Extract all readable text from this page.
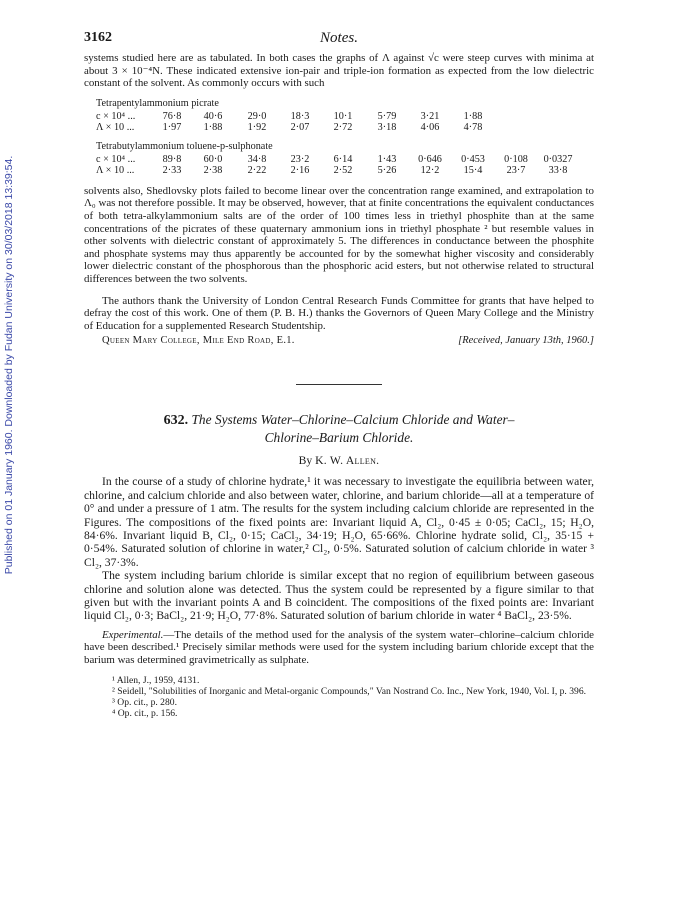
Published on 01 January 1960. Downloaded by Fudan University on 30/03/2018 13:39:54.
3162	Notes.

systems studied here are as tabulated. In both cases the graphs of Λ against √c were steep curves with minima at about 3 × 10⁻⁴N. These indicated extensive ion-pair and triple-ion formation as expected from the low dielectric constant of the solvent. As commonly occurs with such

Tetrapentylammonium picrate
c × 10⁴ ...	76·8	40·6	29·0	18·3	10·1	5·79	3·21	1·88
Λ × 10 ...	1·97	1·88	1·92	2·07	2·72	3·18	4·06	4·78
Tetrabutylammonium toluene-p-sulphonate
c × 10⁴ ...	89·8	60·0	34·8	23·2	6·14	1·43	0·646	0·453	0·108	0·0327
Λ × 10 ...	2·33	2·38	2·22	2·16	2·52	5·26	12·2	15·4	23·7	33·8

solvents also, Shedlovsky plots failed to become linear over the concentration range examined, and extrapolation to Λ₀ was not therefore possible. It may be observed, however, that at finite concentrations the equivalent conductances of both tetra-alkylammonium salts are of the order of 100 times less in triethyl phosphite than at the same concentrations of the picrates of these quaternary ammonium ions in triethyl phosphate ² but resemble values in other solvents with dielectric constant of approximately 5. The differences in conductance between the phosphite and phosphate systems may thus apparently be accounted for by the somewhat higher viscosity and considerably lower dielectric constant of the phosphorous than the phosphoric acid esters, but not otherwise related to structural differences between the two solvents.

The authors thank the University of London Central Research Funds Committee for grants that have helped to defray the cost of this work. One of them (P. B. H.) thanks the Governors of Queen Mary College and the Ministry of Education for a supplemented Research Studentship.

Queen Mary College, Mile End Road, E.1.	[Received, January 13th, 1960.]
632. The Systems Water–Chlorine–Calcium Chloride and Water–
Chlorine–Barium Chloride.
By K. W. Allen.

In the course of a study of chlorine hydrate,¹ it was necessary to investigate the equilibria between water, chlorine, and calcium chloride and also between water, chlorine, and barium chloride—all at a temperature of 0° and under a pressure of 1 atm. The results for the system including calcium chloride are represented in the Figures. The compositions of the fixed points are: Invariant liquid A, Cl₂, 0·45 ± 0·05; CaCl₂, 15; H₂O, 84·6%. Invariant liquid B, Cl₂, 0·15; CaCl₂, 34·19; H₂O, 65·66%. Chlorine hydrate solid, Cl₂, 35·15 + 0·54%. Saturated solution of chlorine in water,² Cl₂, 0·5%. Saturated solution of calcium chloride in water ³ Cl₂, 37·3%.

The system including barium chloride is similar except that no region of equilibrium between gaseous chlorine and solution alone was detected. Thus the system could be represented by a figure similar to that given but with the invariant points A and B coincident. The compositions of the fixed points are: Invariant liquid Cl₂, 0·3; BaCl₂, 21·9; H₂O, 77·8%. Saturated solution of barium chloride in water ⁴ BaCl₂, 23·5%.

Experimental.—The details of the method used for the analysis of the system water–chlorine–calcium chloride have been described.¹ Precisely similar methods were used for the system including barium chloride except that the barium was determined gravimetrically as sulphate.

¹ Allen, J., 1959, 4131.
² Seidell, "Solubilities of Inorganic and Metal-organic Compounds," Van Nostrand Co. Inc., New York, 1940, Vol. I, p. 396.
³ Op. cit., p. 280.
⁴ Op. cit., p. 156.
